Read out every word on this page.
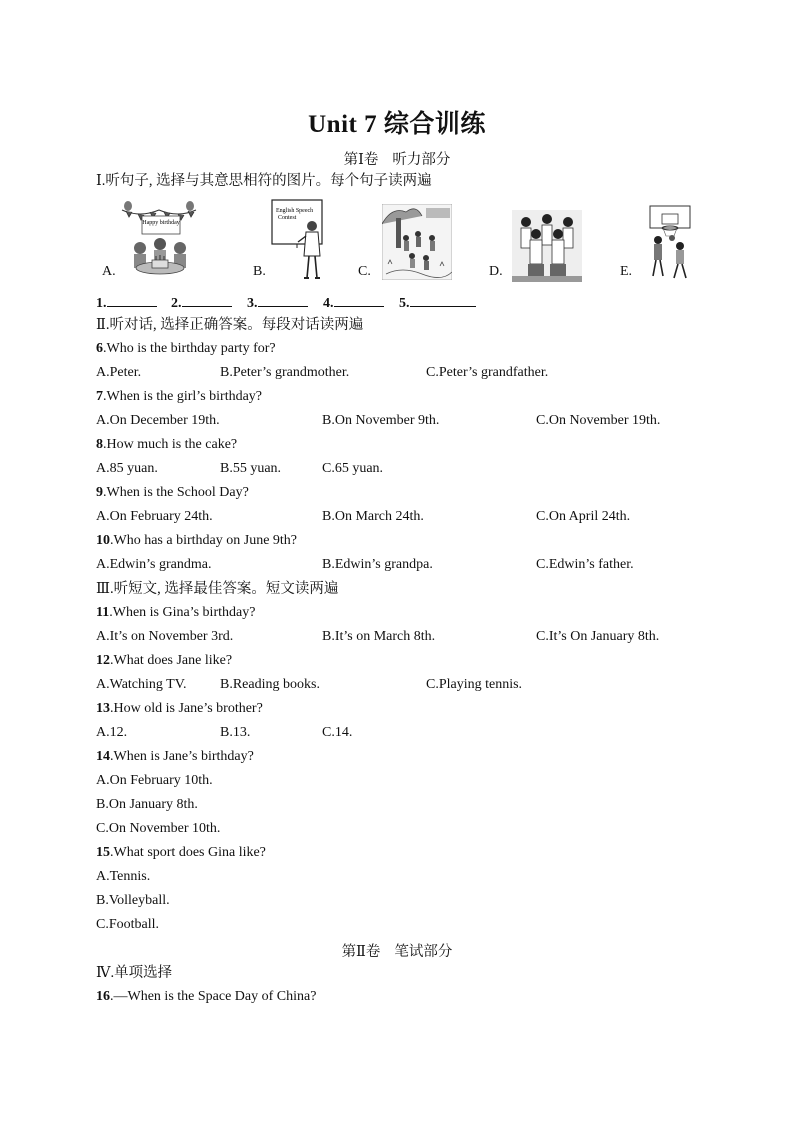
Unit 7 综合训练
第Ⅰ卷 听力部分
Ⅰ.听句子, 选择与其意思相符的图片。每个句子读两遍
A.
Happy birthday
B.
English Speech Contest
C.	D.	E.
1.	2.	3.	4.	5.
Ⅱ.听对话, 选择正确答案。每段对话读两遍
6.Who is the birthday party for?
A.Peter.	B.Peter’s grandmother.	C.Peter’s grandfather.
7.When is the girl’s birthday?
A.On December 19th.	B.On November 9th.	C.On November 19th.
8.How much is the cake?
A.85 yuan.	B.55 yuan.	C.65 yuan.
9.When is the School Day?
A.On February 24th.	B.On March 24th.	C.On April 24th.
10.Who has a birthday on June 9th?
A.Edwin’s grandma.	B.Edwin’s grandpa.	C.Edwin’s father.
Ⅲ.听短文, 选择最佳答案。短文读两遍
11.When is Gina’s birthday?
A.It’s on November 3rd.	B.It’s on March 8th.	C.It’s On January 8th.
12.What does Jane like?
A.Watching TV. B.Reading books.	C.Playing tennis.
13.How old is Jane’s brother?
A.12.	B.13.	C.14.
14.When is Jane’s birthday?
A.On February 10th.
B.On January 8th.
C.On November 10th.
15.What sport does Gina like?
A.Tennis.
B.Volleyball.
C.Football.
第Ⅱ卷 笔试部分
Ⅳ.单项选择
16.—When is the Space Day of China?
